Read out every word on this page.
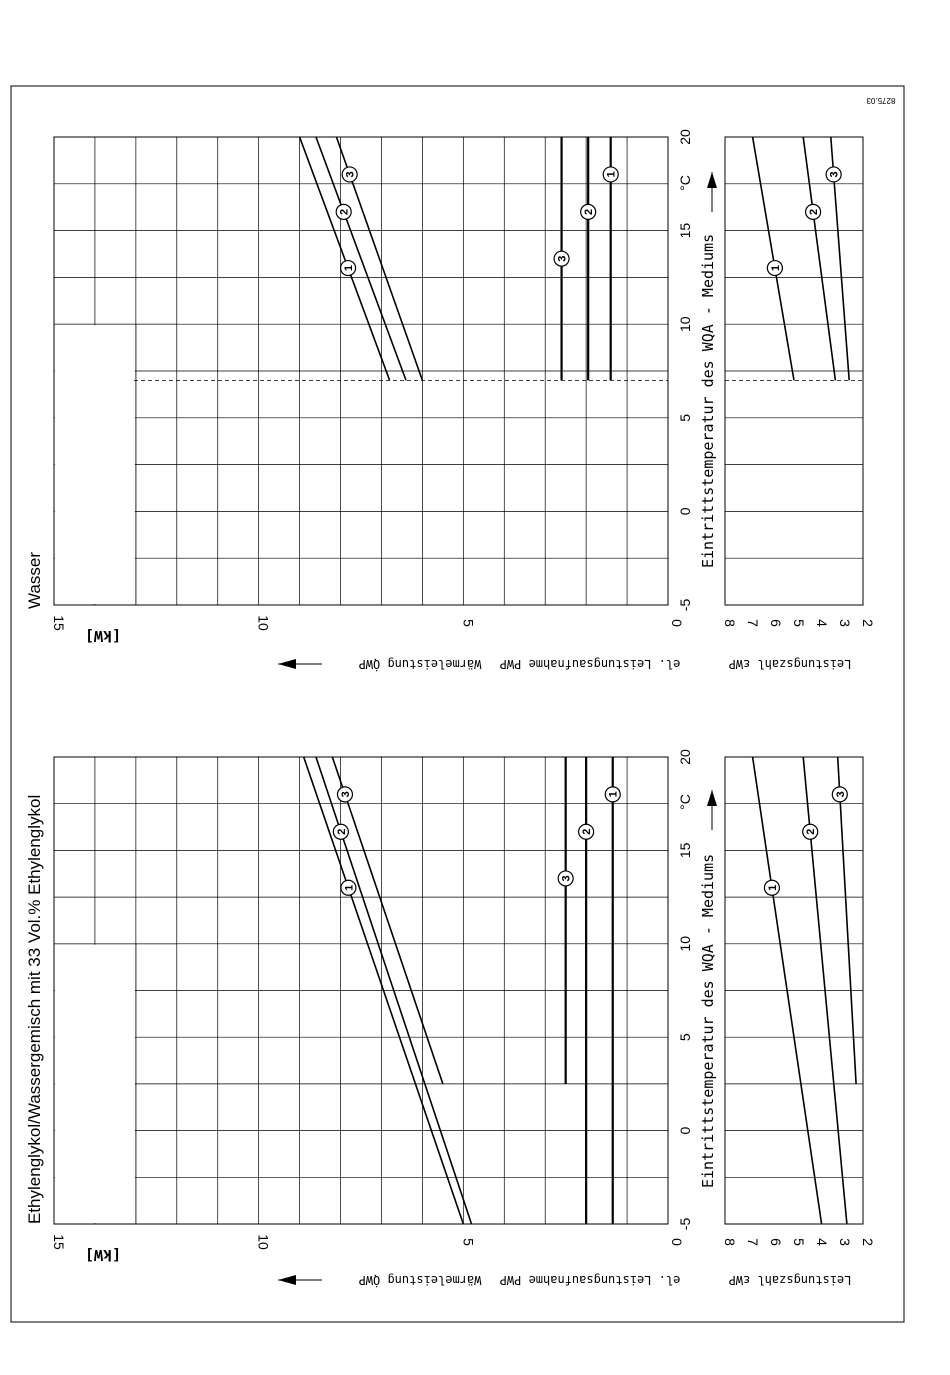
8275.03
Ethylenglykol/Wassergemisch mit 33 Vol.% Ethylenglykol	-5
0
5
10
15
20
0
5
10
15	2
3
4
5
6
7
8
1
2
3	1
2
3
1
2
3
Eintrittstemperatur des WQA - Mediums
°C
[kW]
Wärmeleistung Q̇WP el. Leistungsaufnahme PWP	Leistungszahl εWP
Wasser	-5
0
5
10
15
20
0
5
10
15	2
3
4
5
6
7
8
1
2
3	1
2
3
1
2
3
Eintrittstemperatur des WQA - Mediums
°C
[kW]
Wärmeleistung Q̇WP el. Leistungsaufnahme PWP	Leistungszahl εWP
